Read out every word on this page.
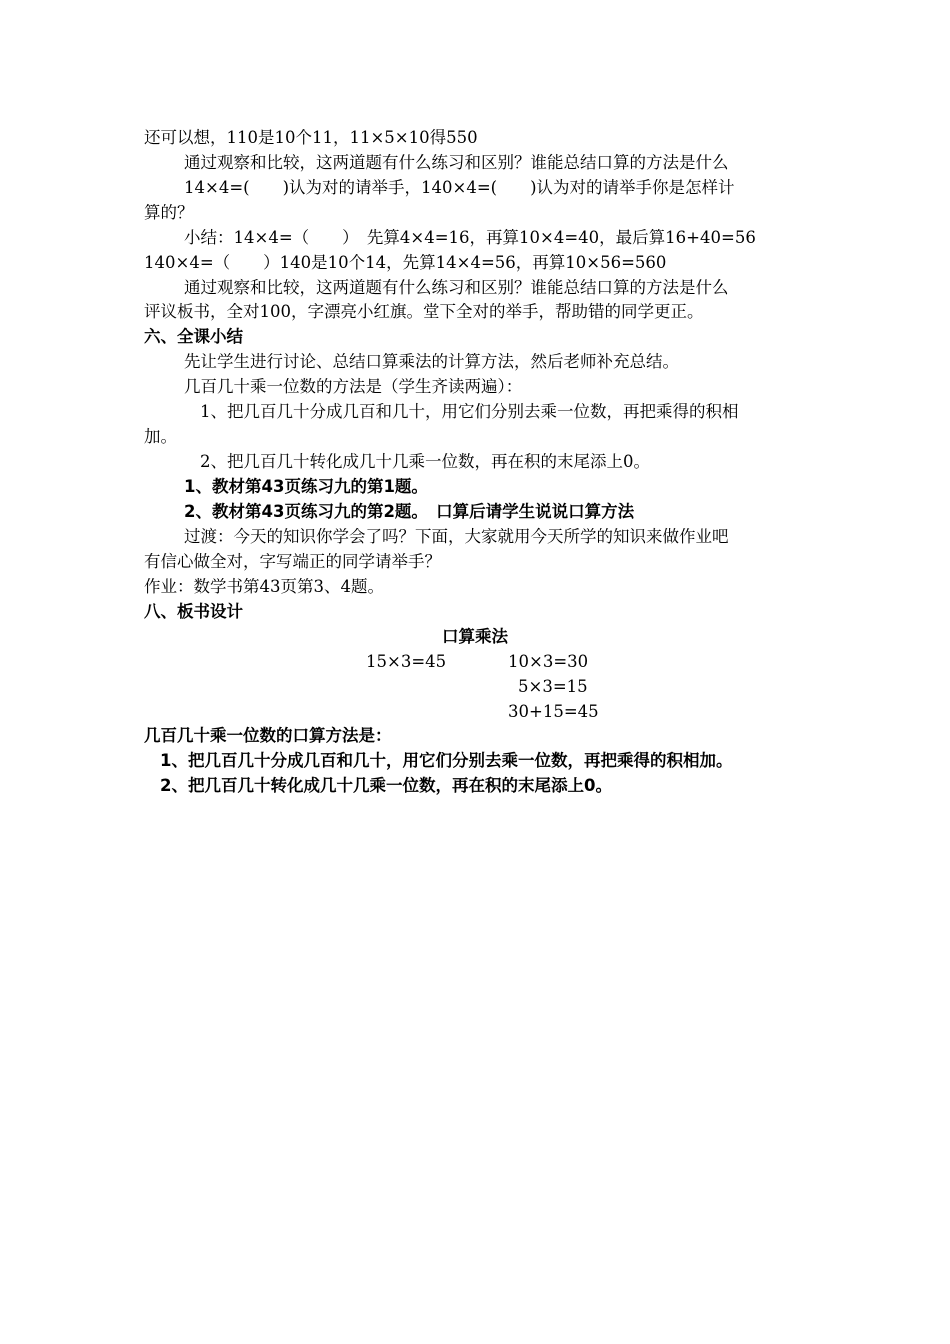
还可以想，110是10个11，11×5×10得550
通过观察和比较，这两道题有什么练习和区别？谁能总结口算的方法是什么
14×4=(　　)认为对的请举手，140×4=(　　)认为对的请举手你是怎样计
算的？
小结：14×4=（　　）　先算4×4=16，再算10×4=40，最后算16+40=56
140×4=（　　）140是10个14，先算14×4=56，再算10×56=560
通过观察和比较，这两道题有什么练习和区别？谁能总结口算的方法是什么
评议板书，全对100，字漂亮小红旗。堂下全对的举手，帮助错的同学更正。
六、全课小结
先让学生进行讨论、总结口算乘法的计算方法，然后老师补充总结。
几百几十乘一位数的方法是（学生齐读两遍）：
1、把几百几十分成几百和几十，用它们分别去乘一位数，再把乘得的积相
加。
2、把几百几十转化成几十几乘一位数，再在积的末尾添上0。
1、教材第43页练习九的第1题。
2、教材第43页练习九的第2题。　口算后请学生说说口算方法
过渡：今天的知识你学会了吗？下面，大家就用今天所学的知识来做作业吧
有信心做全对，字写端正的同学请举手？
作业：数学书第43页第3、4题。
八、板书设计
口算乘法
15×3=45	10×3=30
5×3=15
30+15=45
几百几十乘一位数的口算方法是：
1、把几百几十分成几百和几十，用它们分别去乘一位数，再把乘得的积相加。
2、把几百几十转化成几十几乘一位数，再在积的末尾添上0。
